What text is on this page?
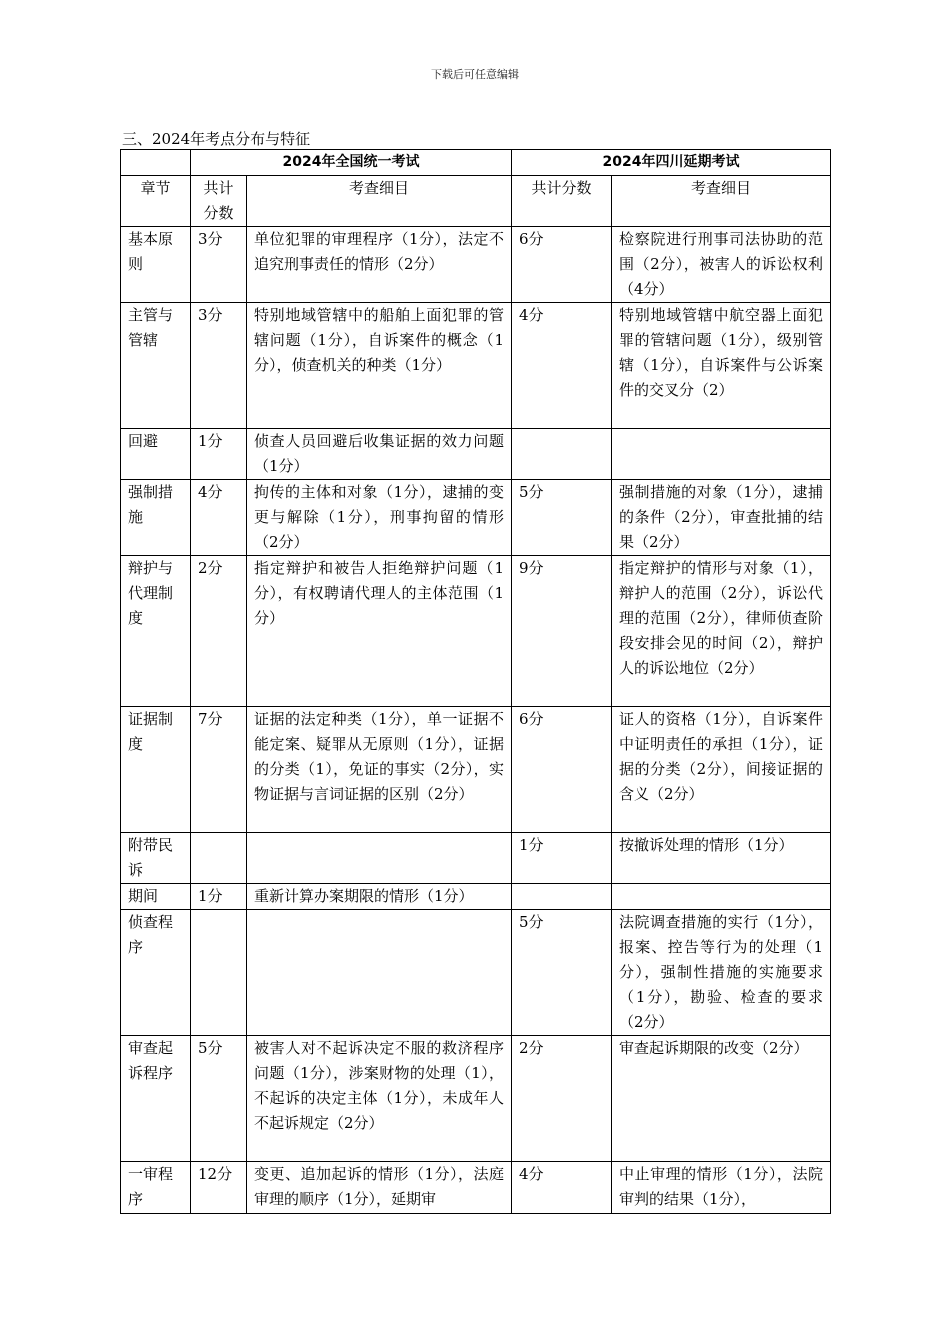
下载后可任意编辑
三、2024年考点分布与特征
	2024年全国统一考试		2024年四川延期考试	
章节	共计分数	考查细目	共计分数	考查细目
基本原则	3分	单位犯罪的审理程序（1分），法定不追究刑事责任的情形（2分）	6分	检察院进行刑事司法协助的范围（2分），被害人的诉讼权利（4分）
主管与管辖	3分	特别地域管辖中的船舶上面犯罪的管辖问题（1分），自诉案件的概念（1分），侦查机关的种类（1分）	4分	特别地域管辖中航空器上面犯罪的管辖问题（1分），级别管辖（1分），自诉案件与公诉案件的交叉分（2）
回避	1分	侦查人员回避后收集证据的效力问题（1分）		
强制措施	4分	拘传的主体和对象（1分），逮捕的变更与解除（1分），刑事拘留的情形（2分）	5分	强制措施的对象（1分），逮捕的条件（2分），审查批捕的结果（2分）
辩护与代理制度	2分	指定辩护和被告人拒绝辩护问题（1分），有权聘请代理人的主体范围（1分）	9分	指定辩护的情形与对象（1），辩护人的范围（2分），诉讼代理的范围（2分），律师侦查阶段安排会见的时间（2），辩护人的诉讼地位（2分）
证据制度	7分	证据的法定种类（1分），单一证据不能定案、疑罪从无原则（1分），证据的分类（1），免证的事实（2分），实物证据与言词证据的区别（2分）	6分	证人的资格（1分），自诉案件中证明责任的承担（1分），证据的分类（2分），间接证据的含义（2分）
附带民诉			1分	按撤诉处理的情形（1分）
期间	1分	重新计算办案期限的情形（1分）		
侦查程序			5分	法院调查措施的实行（1分），报案、控告等行为的处理（1分），强制性措施的实施要求（1分），勘验、检查的要求（2分）
审查起诉程序	5分	被害人对不起诉决定不服的救济程序问题（1分），涉案财物的处理（1），不起诉的决定主体（1分），未成年人不起诉规定（2分）	2分	审查起诉期限的改变（2分）
一审程序	12分	变更、追加起诉的情形（1分），法庭审理的顺序（1分），延期审	4分	中止审理的情形（1分），法院审判的结果（1分），
